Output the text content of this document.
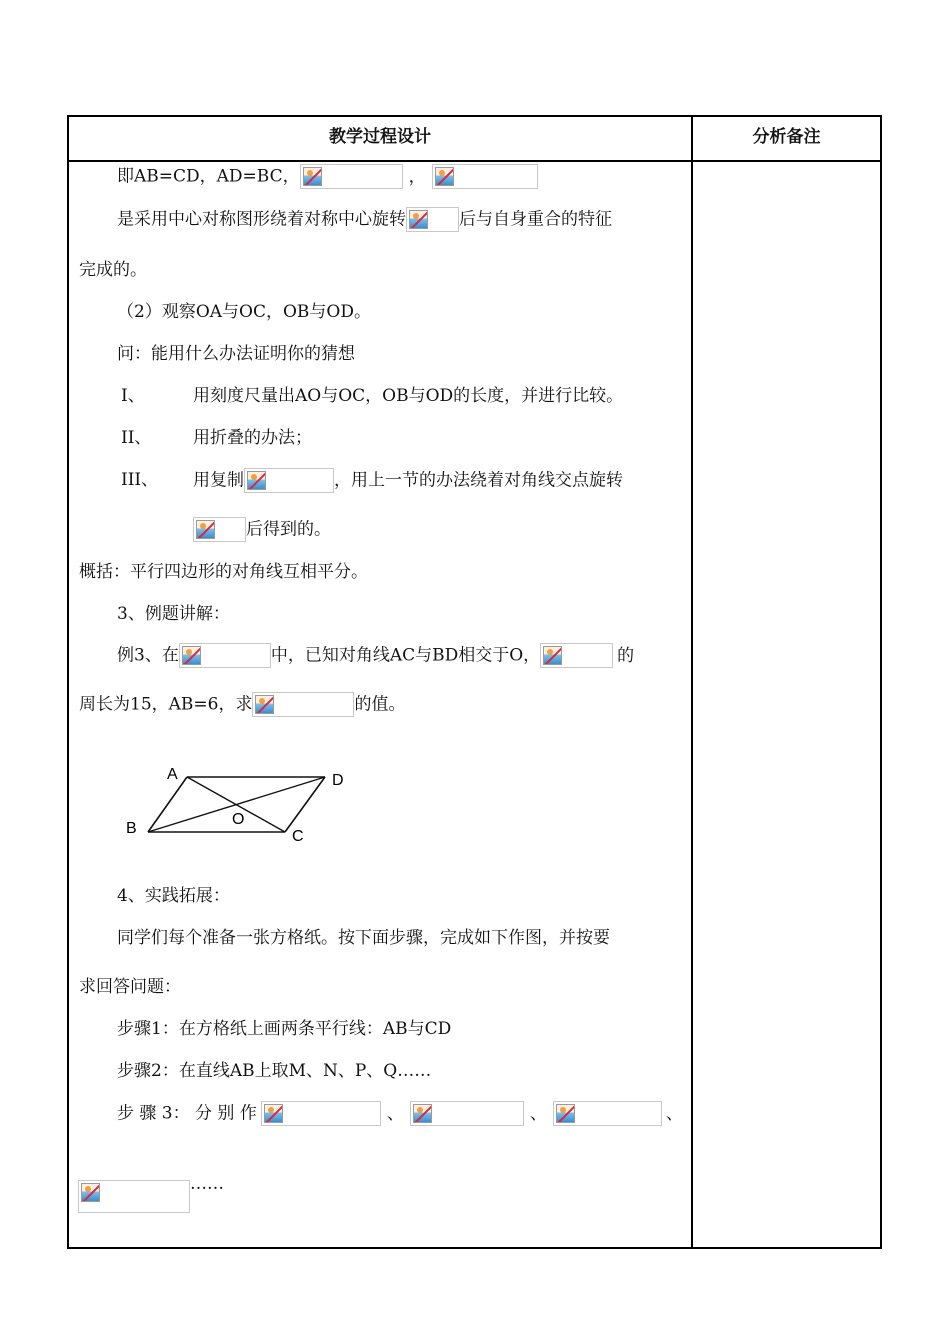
教学过程设计	分析备注
即AB=CD，AD=BC，	，
是采用中心对称图形绕着对称中心旋转	后与自身重合的特征
完成的。
（2）观察OA与OC，OB与OD。
问：能用什么办法证明你的猜想
I、	用刻度尺量出AO与OC，OB与OD的长度，并进行比较。
II、 用折叠的办法；
III、 用复制	，用上一节的办法绕着对角线交点旋转
后得到的。
概括：平行四边形的对角线互相平分。
3、例题讲解：
例3、在	中，已知对角线AC与BD相交于O，	的
周长为15，AB=6，求	的值。
A	D
B	C
O
4、实践拓展：
同学们每个准备一张方格纸。按下面步骤，完成如下作图，并按要
求回答问题：
步骤1：在方格纸上画两条平行线：AB与CD
步骤2：在直线AB上取M、N、P、Q……
步 骤 3： 分 别 作	、	、	、
……
